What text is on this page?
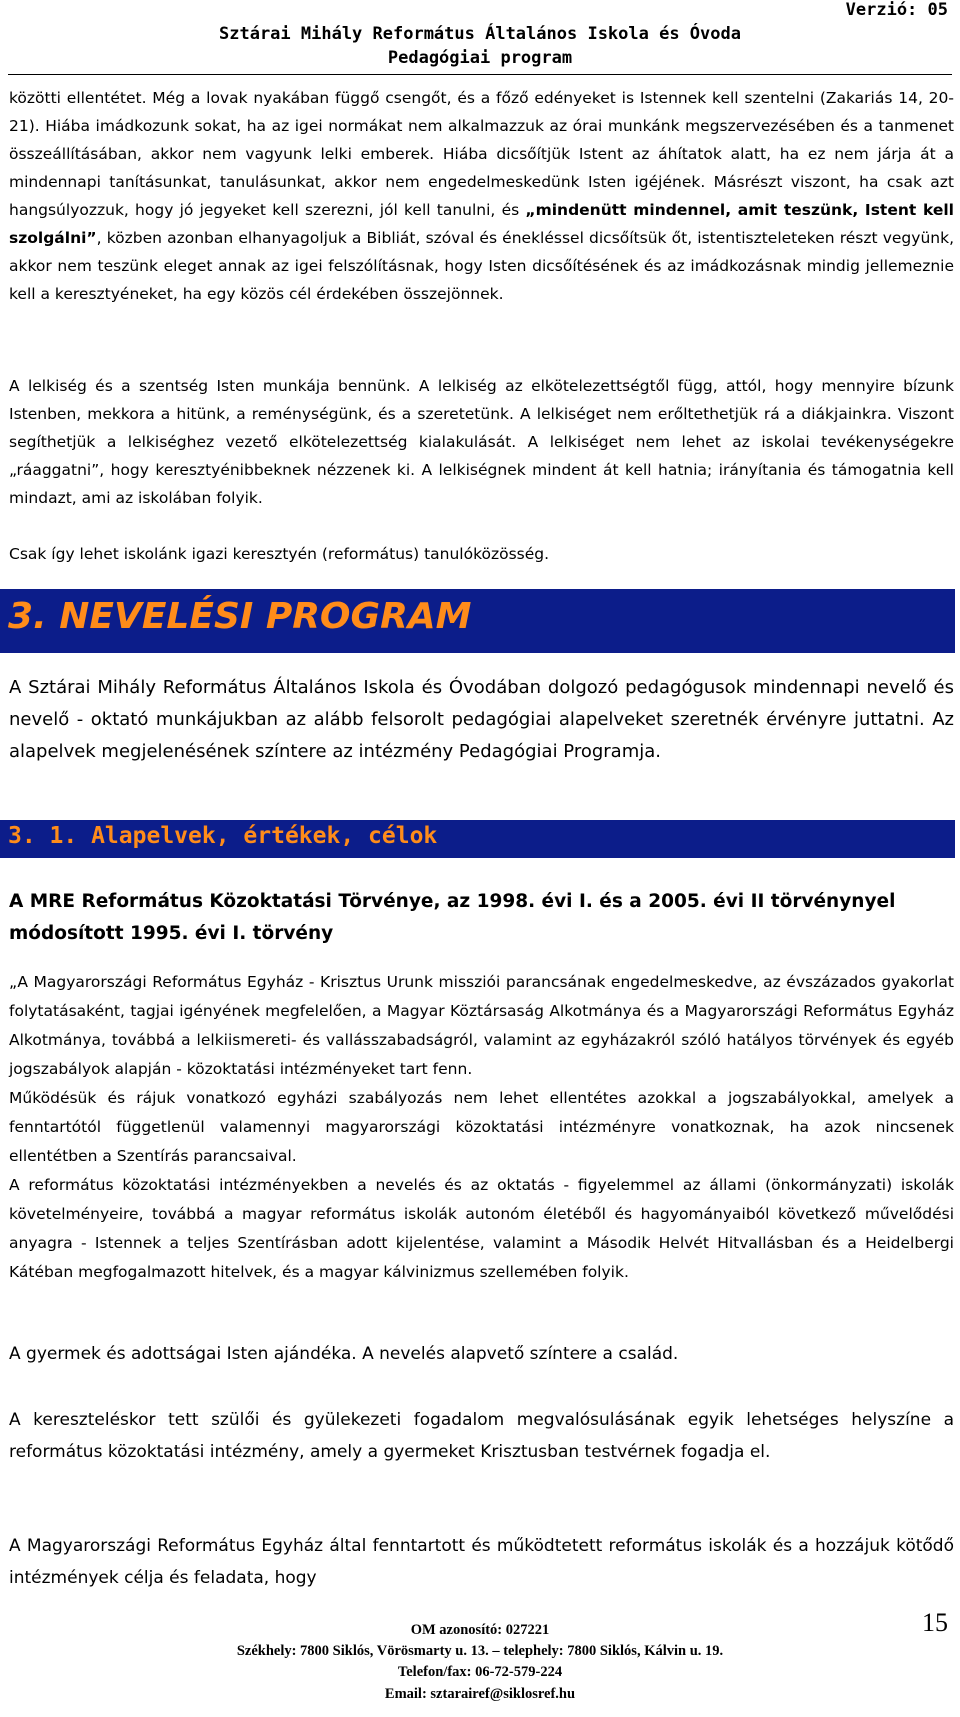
Verzió: 05
Sztárai Mihály Református Általános Iskola és Óvoda
Pedagógiai program
közötti ellentétet. Még a lovak nyakában függő csengőt, és a főző edényeket is Istennek kell szentelni (Zakariás 14, 20-21). Hiába imádkozunk sokat, ha az igei normákat nem alkalmazzuk az órai munkánk megszervezésében és a tanmenet összeállításában, akkor nem vagyunk lelki emberek. Hiába dicsőítjük Istent az áhítatok alatt, ha ez nem járja át a mindennapi tanításunkat, tanulásunkat, akkor nem engedelmeskedünk Isten igéjének. Másrészt viszont, ha csak azt hangsúlyozzuk, hogy jó jegyeket kell szerezni, jól kell tanulni, és „mindenütt mindennel, amit teszünk, Istent kell szolgálni”, közben azonban elhanyagoljuk a Bibliát, szóval és énekléssel dicsőítsük őt, istentiszteleteken részt vegyünk, akkor nem teszünk eleget annak az igei felszólításnak, hogy Isten dicsőítésének és az imádkozásnak mindig jellemeznie kell a keresztyéneket, ha egy közös cél érdekében összejönnek.
A lelkiség és a szentség Isten munkája bennünk. A lelkiség az elkötelezettségtől függ, attól, hogy mennyire bízunk Istenben, mekkora a hitünk, a reménységünk, és a szeretetünk. A lelkiséget nem erőltethetjük rá a diákjainkra. Viszont segíthetjük a lelkiséghez vezető elkötelezettség kialakulását. A lelkiséget nem lehet az iskolai tevékenységekre „ráaggatni”, hogy keresztyénibbeknek nézzenek ki. A lelkiségnek mindent át kell hatnia; irányítania és támogatnia kell mindazt, ami az iskolában folyik.
Csak így lehet iskolánk igazi keresztyén (református) tanulóközösség.
3. NEVELÉSI PROGRAM
A Sztárai Mihály Református Általános Iskola és Óvodában dolgozó pedagógusok mindennapi nevelő és nevelő - oktató munkájukban az alább felsorolt pedagógiai alapelveket szeretnék érvényre juttatni. Az alapelvek megjelenésének színtere az intézmény Pedagógiai Programja.
3. 1. Alapelvek, értékek, célok
A MRE Református Közoktatási Törvénye, az 1998. évi I. és a 2005. évi II törvénynyel módosított 1995. évi I. törvény
„A Magyarországi Református Egyház - Krisztus Urunk missziói parancsának engedelmeskedve, az évszázados gyakorlat folytatásaként, tagjai igényének megfelelően, a Magyar Köztársaság Alkotmánya és a Magyarországi Református Egyház Alkotmánya, továbbá a lelkiismereti- és vallásszabadságról, valamint az egyházakról szóló hatályos törvények és egyéb jogszabályok alapján - közoktatási intézményeket tart fenn.
Működésük és rájuk vonatkozó egyházi szabályozás nem lehet ellentétes azokkal a jogszabályokkal, amelyek a fenntartótól függetlenül valamennyi magyarországi közoktatási intézményre vonatkoznak, ha azok nincsenek ellentétben a Szentírás parancsaival.
A református közoktatási intézményekben a nevelés és az oktatás - figyelemmel az állami (önkormányzati) iskolák követelményeire, továbbá a magyar református iskolák autonóm életéből és hagyományaiból következő művelődési anyagra - Istennek a teljes Szentírásban adott kijelentése, valamint a Második Helvét Hitvallásban és a Heidelbergi Kátéban megfogalmazott hitelvek, és a magyar kálvinizmus szellemében folyik.
A gyermek és adottságai Isten ajándéka. A nevelés alapvető színtere a család.
A kereszteléskor tett szülői és gyülekezeti fogadalom megvalósulásának egyik lehetséges helyszíne a református közoktatási intézmény, amely a gyermeket Krisztusban testvérnek fogadja el.
A Magyarországi Református Egyház által fenntartott és működtetett református iskolák és a hozzájuk kötődő intézmények célja és feladata, hogy
15
OM azonosító: 027221
Székhely: 7800 Siklós, Vörösmarty u. 13. – telephely: 7800 Siklós, Kálvin u. 19.
Telefon/fax: 06-72-579-224
Email: sztarairef@siklosref.hu
